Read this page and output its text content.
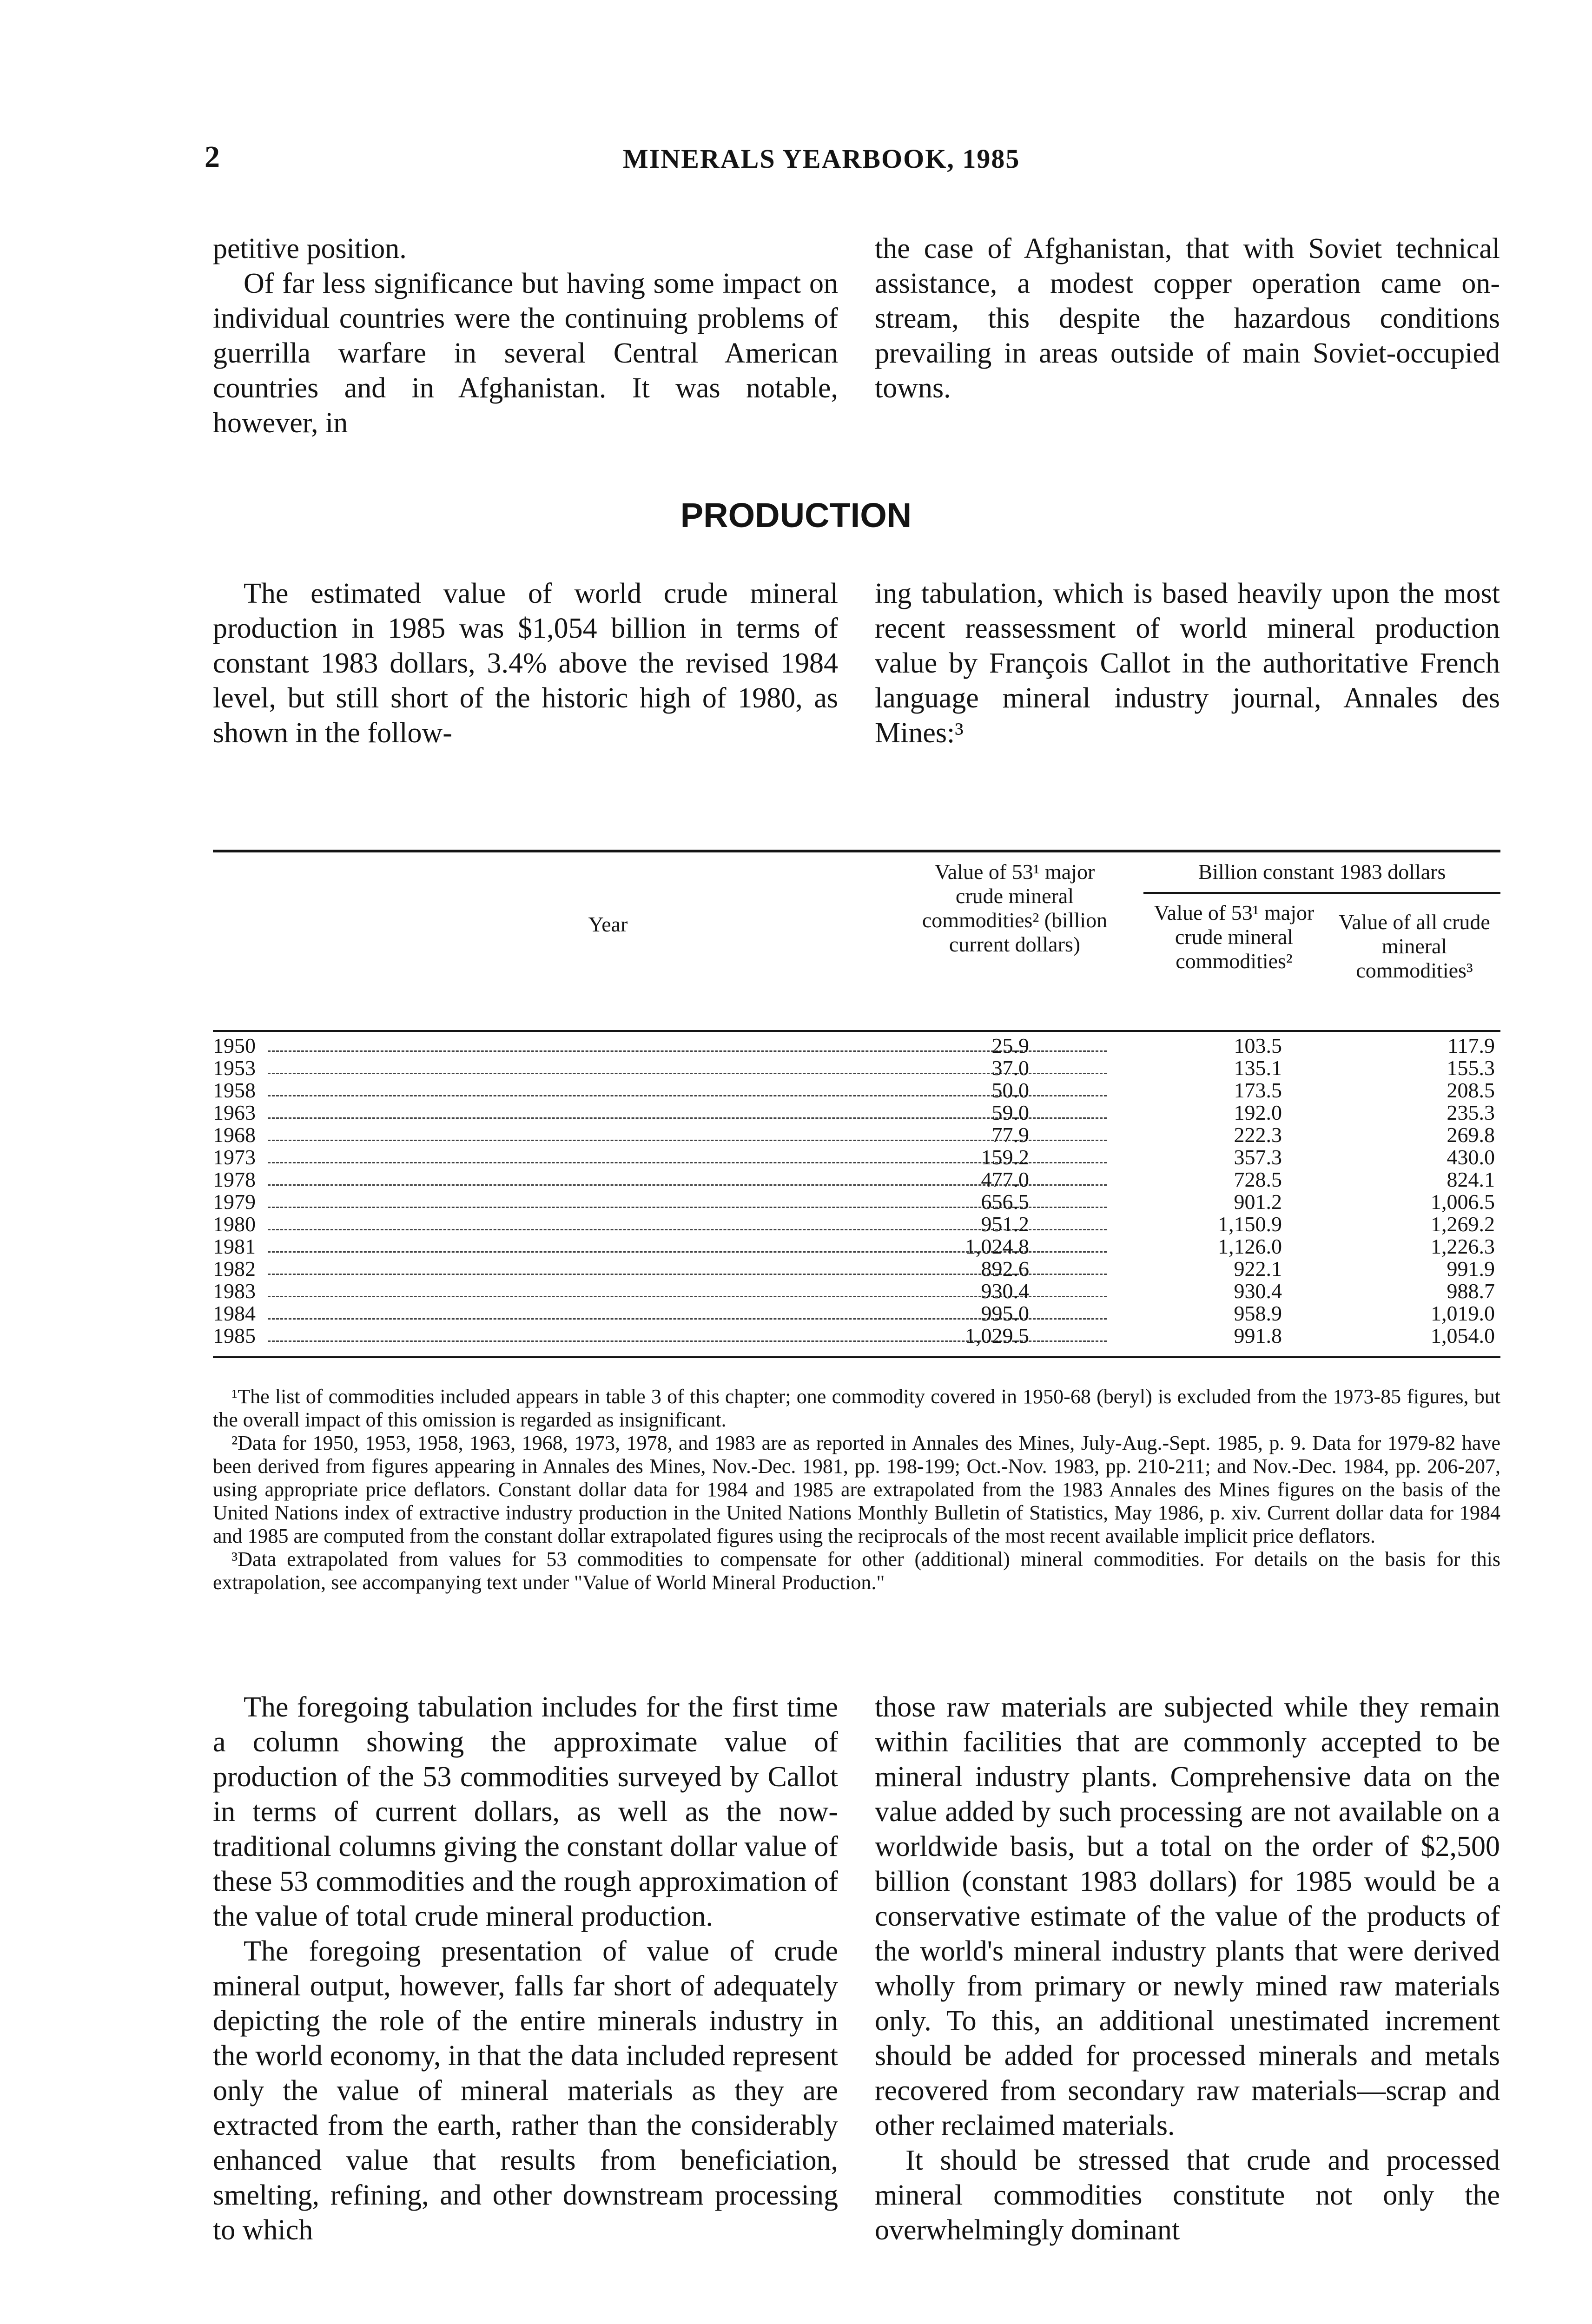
2	MINERALS YEARBOOK, 1985

petitive position.

Of far less significance but having some impact on individual countries were the continuing problems of guerrilla warfare in several Central American countries and in Afghanistan. It was notable, however, in

the case of Afghanistan, that with Soviet technical assistance, a modest copper operation came on-stream, this despite the hazardous conditions prevailing in areas outside of main Soviet-occupied towns.

PRODUCTION

The estimated value of world crude mineral production in 1985 was $1,054 billion in terms of constant 1983 dollars, 3.4% above the revised 1984 level, but still short of the historic high of 1980, as shown in the follow-

ing tabulation, which is based heavily upon the most recent reassessment of world mineral production value by François Callot in the authoritative French language mineral industry journal, Annales des Mines:³

Year
Value of 53¹ major crude mineral commodities² (billion current dollars)
Billion constant 1983 dollars
Value of 53¹ major crude mineral commodities²
Value of all crude mineral commodities³
1950	25.9	103.5	117.9
1953	37.0	135.1	155.3
1958	50.0	173.5	208.5
1963	59.0	192.0	235.3
1968	77.9	222.3	269.8
1973	159.2	357.3	430.0
1978	477.0	728.5	824.1
1979	656.5	901.2	1,006.5
1980	951.2	1,150.9	1,269.2
1981	1,024.8	1,126.0	1,226.3
1982	892.6	922.1	991.9
1983	930.4	930.4	988.7
1984	995.0	958.9	1,019.0
1985	1,029.5	991.8	1,054.0

¹The list of commodities included appears in table 3 of this chapter; one commodity covered in 1950-68 (beryl) is excluded from the 1973-85 figures, but the overall impact of this omission is regarded as insignificant.

²Data for 1950, 1953, 1958, 1963, 1968, 1973, 1978, and 1983 are as reported in Annales des Mines, July-Aug.-Sept. 1985, p. 9. Data for 1979-82 have been derived from figures appearing in Annales des Mines, Nov.-Dec. 1981, pp. 198-199; Oct.-Nov. 1983, pp. 210-211; and Nov.-Dec. 1984, pp. 206-207, using appropriate price deflators. Constant dollar data for 1984 and 1985 are extrapolated from the 1983 Annales des Mines figures on the basis of the United Nations index of extractive industry production in the United Nations Monthly Bulletin of Statistics, May 1986, p. xiv. Current dollar data for 1984 and 1985 are computed from the constant dollar extrapolated figures using the reciprocals of the most recent available implicit price deflators.

³Data extrapolated from values for 53 commodities to compensate for other (additional) mineral commodities. For details on the basis for this extrapolation, see accompanying text under "Value of World Mineral Production."

The foregoing tabulation includes for the first time a column showing the approximate value of production of the 53 commodities surveyed by Callot in terms of current dollars, as well as the now-traditional columns giving the constant dollar value of these 53 commodities and the rough approximation of the value of total crude mineral production.

The foregoing presentation of value of crude mineral output, however, falls far short of adequately depicting the role of the entire minerals industry in the world economy, in that the data included represent only the value of mineral materials as they are extracted from the earth, rather than the considerably enhanced value that results from beneficiation, smelting, refining, and other downstream processing to which

those raw materials are subjected while they remain within facilities that are commonly accepted to be mineral industry plants. Comprehensive data on the value added by such processing are not available on a worldwide basis, but a total on the order of $2,500 billion (constant 1983 dollars) for 1985 would be a conservative estimate of the value of the products of the world's mineral industry plants that were derived wholly from primary or newly mined raw materials only. To this, an additional unestimated increment should be added for processed minerals and metals recovered from secondary raw materials—scrap and other reclaimed materials.

It should be stressed that crude and processed mineral commodities constitute not only the overwhelmingly dominant
